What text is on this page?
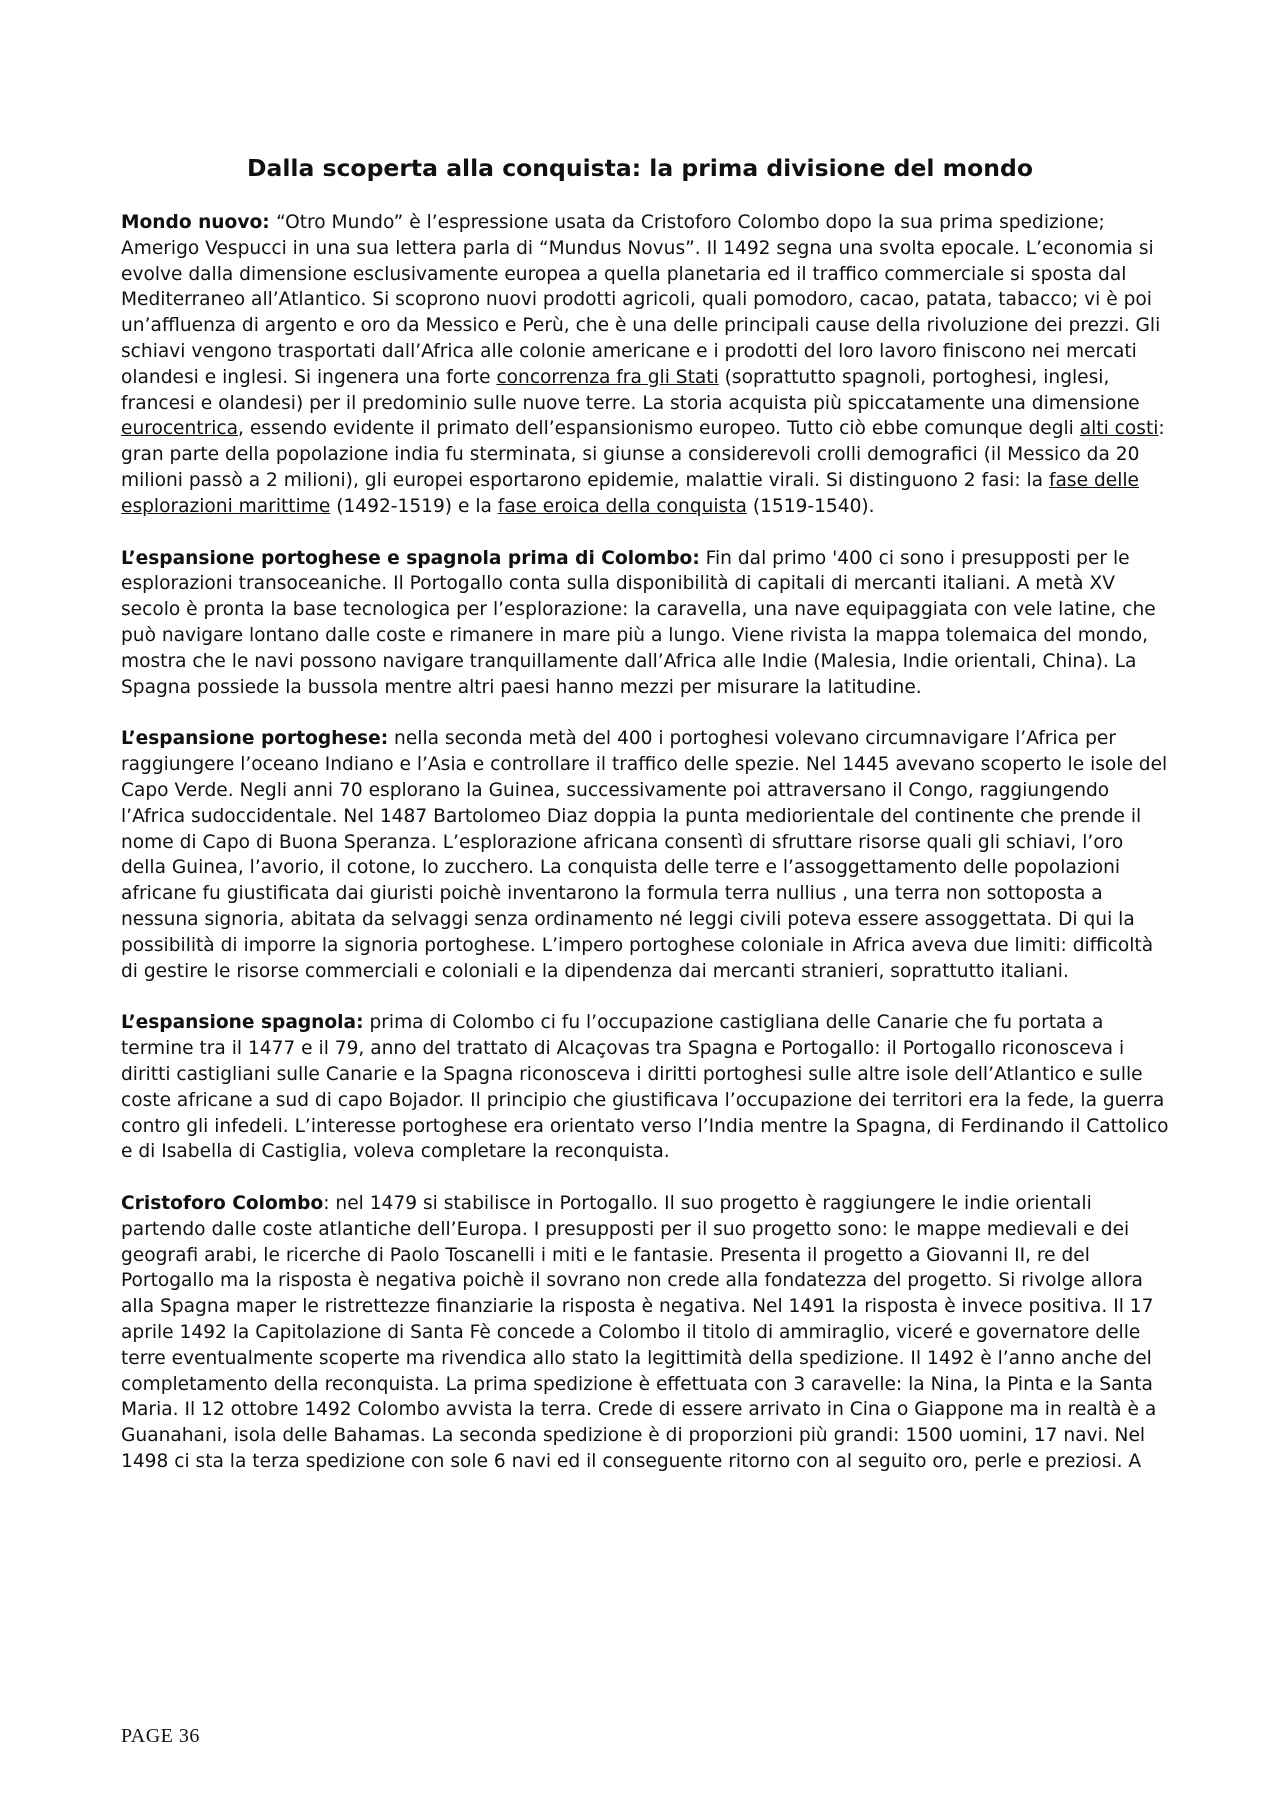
Dalla scoperta alla conquista: la prima divisione del mondo

Mondo nuovo: “Otro Mundo” è l’espressione usata da Cristoforo Colombo dopo la sua prima spedizione; Amerigo Vespucci in una sua lettera parla di “Mundus Novus”. Il 1492 segna una svolta epocale. L’economia si evolve dalla dimensione esclusivamente europea a quella planetaria ed il traffico commerciale si sposta dal Mediterraneo all’Atlantico. Si scoprono nuovi prodotti agricoli, quali pomodoro, cacao, patata, tabacco; vi è poi un’affluenza di argento e oro da Messico e Perù, che è una delle principali cause della rivoluzione dei prezzi. Gli schiavi vengono trasportati dall’Africa alle colonie americane e i prodotti del loro lavoro finiscono nei mercati olandesi e inglesi. Si ingenera una forte concorrenza fra gli Stati (soprattutto spagnoli, portoghesi, inglesi, francesi e olandesi) per il predominio sulle nuove terre. La storia acquista più spiccatamente una dimensione eurocentrica, essendo evidente il primato dell’espansionismo europeo. Tutto ciò ebbe comunque degli alti costi: gran parte della popolazione india fu sterminata, si giunse a considerevoli crolli demografici (il Messico da 20 milioni passò a 2 milioni), gli europei esportarono epidemie, malattie virali. Si distinguono 2 fasi: la fase delle esplorazioni marittime (1492-1519) e la fase eroica della conquista (1519-1540).

L’espansione portoghese e spagnola prima di Colombo: Fin dal primo '400 ci sono i presupposti per le esplorazioni transoceaniche. Il Portogallo conta sulla disponibilità di capitali di mercanti italiani. A metà XV secolo è pronta la base tecnologica per l’esplorazione: la caravella, una nave equipaggiata con vele latine, che può navigare lontano dalle coste e rimanere in mare più a lungo. Viene rivista la mappa tolemaica del mondo, mostra che le navi possono navigare tranquillamente dall’Africa alle Indie (Malesia, Indie orientali, China). La Spagna possiede la bussola mentre altri paesi hanno mezzi per misurare la latitudine.

L’espansione portoghese: nella seconda metà del 400 i portoghesi volevano circumnavigare l’Africa per raggiungere l’oceano Indiano e l’Asia e controllare il traffico delle spezie. Nel 1445 avevano scoperto le isole del Capo Verde. Negli anni 70 esplorano la Guinea, successivamente poi attraversano il Congo, raggiungendo l’Africa sudoccidentale. Nel 1487 Bartolomeo Diaz doppia la punta mediorientale del continente che prende il nome di Capo di Buona Speranza. L’esplorazione africana consentì di sfruttare risorse quali gli schiavi, l’oro della Guinea, l’avorio, il cotone, lo zucchero. La conquista delle terre e l’assoggettamento delle popolazioni africane fu giustificata dai giuristi poichè inventarono la formula terra nullius , una terra non sottoposta a nessuna signoria, abitata da selvaggi senza ordinamento né leggi civili poteva essere assoggettata. Di qui la possibilità di imporre la signoria portoghese. L’impero portoghese coloniale in Africa aveva due limiti: difficoltà di gestire le risorse commerciali e coloniali e la dipendenza dai mercanti stranieri, soprattutto italiani.

L’espansione spagnola: prima di Colombo ci fu l’occupazione castigliana delle Canarie che fu portata a termine tra il 1477 e il 79, anno del trattato di Alcaçovas tra Spagna e Portogallo: il Portogallo riconosceva i diritti castigliani sulle Canarie e la Spagna riconosceva i diritti portoghesi sulle altre isole dell’Atlantico e sulle coste africane a sud di capo Bojador. Il principio che giustificava l’occupazione dei territori era la fede, la guerra contro gli infedeli. L’interesse portoghese era orientato verso l’India mentre la Spagna, di Ferdinando il Cattolico e di Isabella di Castiglia, voleva completare la reconquista.

Cristoforo Colombo: nel 1479 si stabilisce in Portogallo. Il suo progetto è raggiungere le indie orientali partendo dalle coste atlantiche dell’Europa. I presupposti per il suo progetto sono: le mappe medievali e dei geografi arabi, le ricerche di Paolo Toscanelli i miti e le fantasie. Presenta il progetto a Giovanni II, re del Portogallo ma la risposta è negativa poichè il sovrano non crede alla fondatezza del progetto. Si rivolge allora alla Spagna maper le ristrettezze finanziarie la risposta è negativa. Nel 1491 la risposta è invece positiva. Il 17 aprile 1492 la Capitolazione di Santa Fè concede a Colombo il titolo di ammiraglio, viceré e governatore delle terre eventualmente scoperte ma rivendica allo stato la legittimità della spedizione. Il 1492 è l’anno anche del completamento della reconquista. La prima spedizione è effettuata con 3 caravelle: la Nina, la Pinta e la Santa Maria. Il 12 ottobre 1492 Colombo avvista la terra. Crede di essere arrivato in Cina o Giappone ma in realtà è a Guanahani, isola delle Bahamas. La seconda spedizione è di proporzioni più grandi: 1500 uomini, 17 navi. Nel 1498 ci sta la terza spedizione con sole 6 navi ed il conseguente ritorno con al seguito oro, perle e preziosi. A

PAGE 36
